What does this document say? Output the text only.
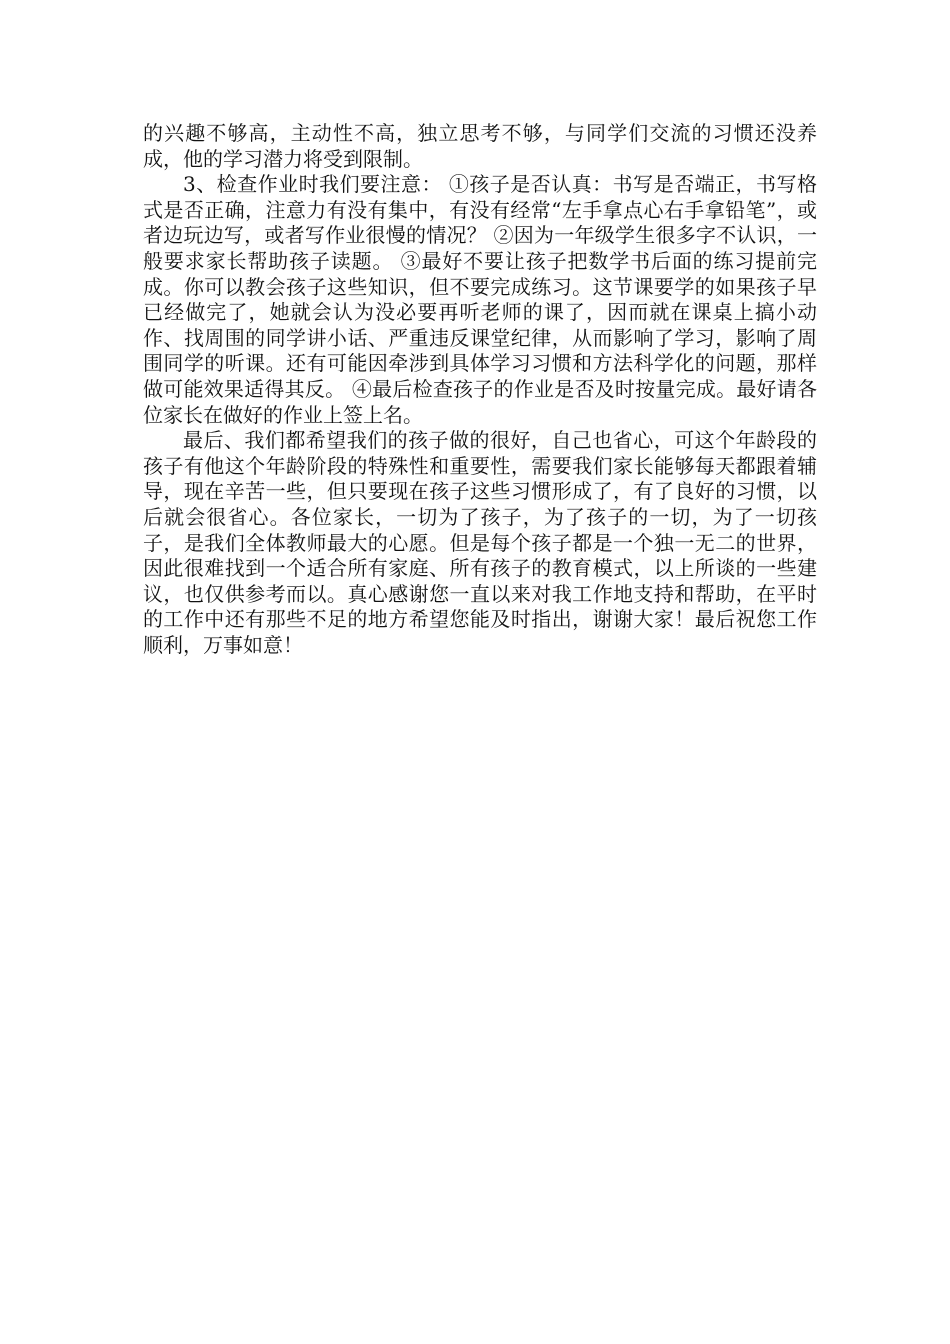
的兴趣不够高，主动性不高，独立思考不够，与同学们交流的习惯还没养成，他的学习潜力将受到限制。

3、检查作业时我们要注意： ①孩子是否认真：书写是否端正，书写格式是否正确，注意力有没有集中，有没有经常“左手拿点心右手拿铅笔”，或者边玩边写，或者写作业很慢的情况？ ②因为一年级学生很多字不认识，一般要求家长帮助孩子读题。 ③最好不要让孩子把数学书后面的练习提前完成。你可以教会孩子这些知识，但不要完成练习。这节课要学的如果孩子早已经做完了，她就会认为没必要再听老师的课了，因而就在课桌上搞小动作、找周围的同学讲小话、严重违反课堂纪律，从而影响了学习，影响了周围同学的听课。还有可能因牵涉到具体学习习惯和方法科学化的问题，那样做可能效果适得其反。 ④最后检查孩子的作业是否及时按量完成。最好请各位家长在做好的作业上签上名。

最后、我们都希望我们的孩子做的很好，自己也省心，可这个年龄段的孩子有他这个年龄阶段的特殊性和重要性，需要我们家长能够每天都跟着辅导，现在辛苦一些，但只要现在孩子这些习惯形成了，有了良好的习惯，以后就会很省心。各位家长，一切为了孩子，为了孩子的一切，为了一切孩子，是我们全体教师最大的心愿。但是每个孩子都是一个独一无二的世界，因此很难找到一个适合所有家庭、所有孩子的教育模式，以上所谈的一些建议，也仅供参考而以。真心感谢您一直以来对我工作地支持和帮助，在平时的工作中还有那些不足的地方希望您能及时指出，谢谢大家！最后祝您工作顺利，万事如意！
